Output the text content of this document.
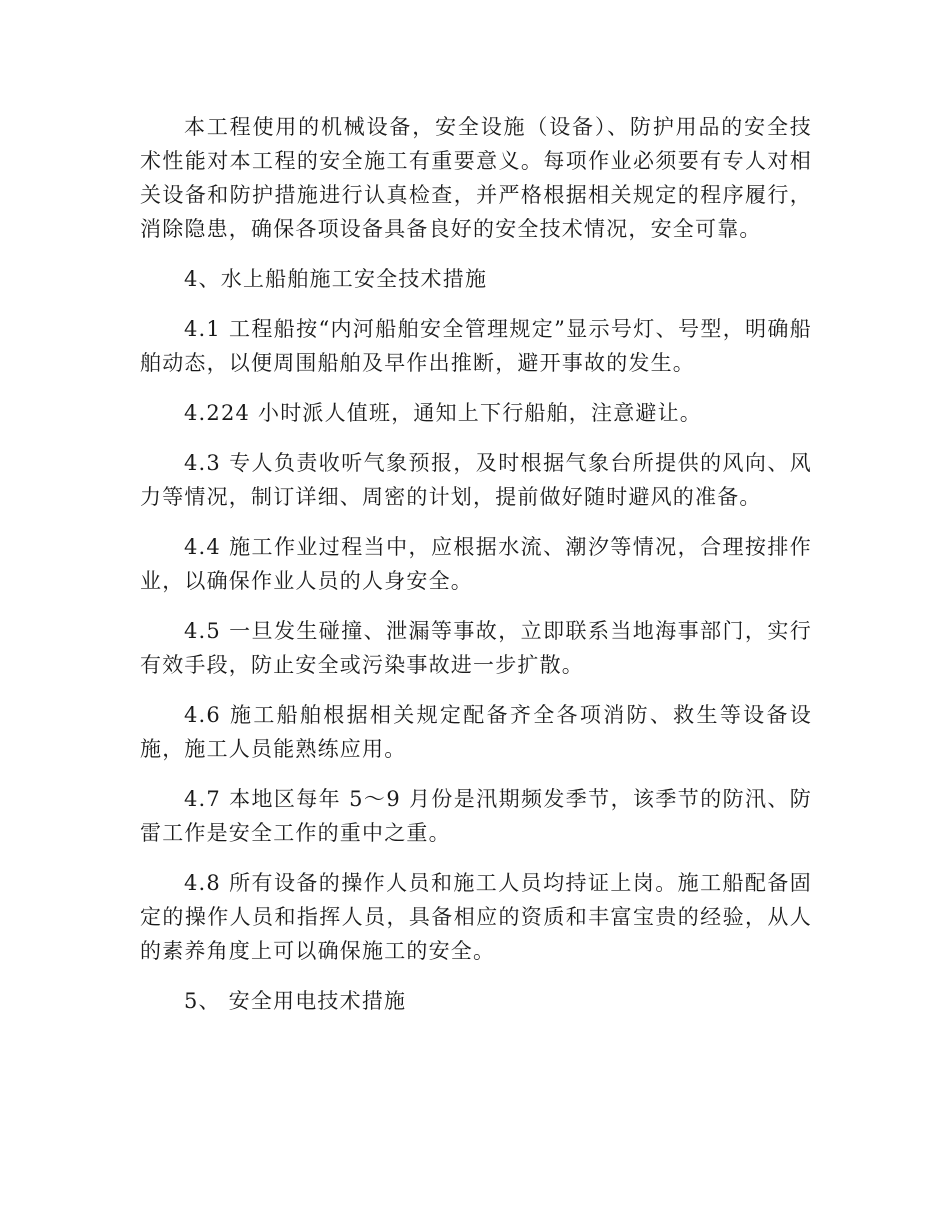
本工程使用的机械设备，安全设施（设备）、防护用品的安全技术性能对本工程的安全施工有重要意义。每项作业必须要有专人对相关设备和防护措施进行认真检查，并严格根据相关规定的程序履行，消除隐患，确保各项设备具备良好的安全技术情况，安全可靠。

4、水上船舶施工安全技术措施

4.1 工程船按“内河船舶安全管理规定”显示号灯、号型，明确船舶动态，以便周围船舶及早作出推断，避开事故的发生。

4.224 小时派人值班，通知上下行船舶，注意避让。

4.3 专人负责收听气象预报，及时根据气象台所提供的风向、风力等情况，制订详细、周密的计划，提前做好随时避风的准备。

4.4 施工作业过程当中，应根据水流、潮汐等情况，合理按排作业，以确保作业人员的人身安全。

4.5 一旦发生碰撞、泄漏等事故，立即联系当地海事部门，实行有效手段，防止安全或污染事故进一步扩散。

4.6 施工船舶根据相关规定配备齐全各项消防、救生等设备设施，施工人员能熟练应用。

4.7 本地区每年 5～9 月份是汛期频发季节，该季节的防汛、防雷工作是安全工作的重中之重。

4.8 所有设备的操作人员和施工人员均持证上岗。施工船配备固定的操作人员和指挥人员，具备相应的资质和丰富宝贵的经验，从人的素养角度上可以确保施工的安全。

5、 安全用电技术措施
